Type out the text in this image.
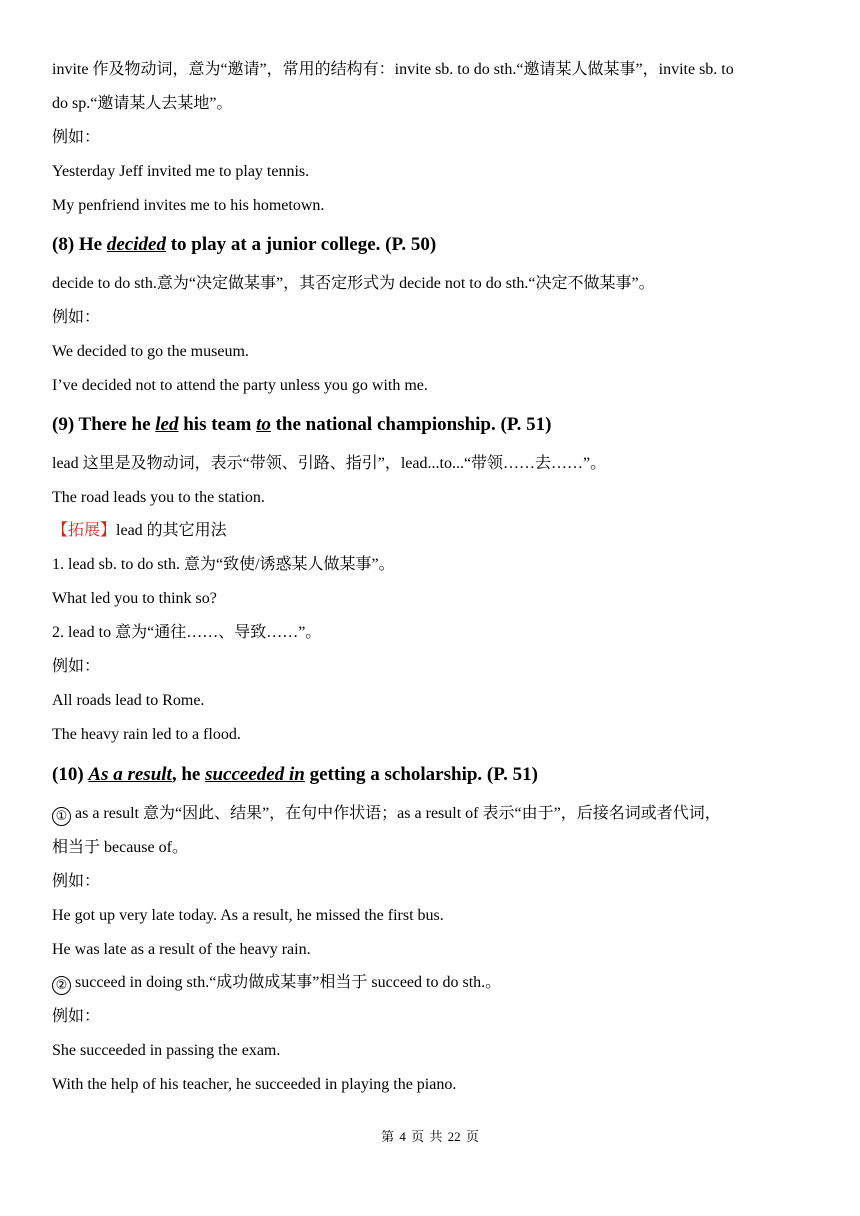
invite 作及物动词，意为“邀请”，常用的结构有：invite sb. to do sth.“邀请某人做某事”，invite sb. to
do sp.“邀请某人去某地”。
例如：
Yesterday Jeff invited me to play tennis.
My penfriend invites me to his hometown.
(8) He decided to play at a junior college. (P. 50)
decide to do sth.意为“决定做某事”，其否定形式为 decide not to do sth.“决定不做某事”。
例如：
We decided to go the museum.
I’ve decided not to attend the party unless you go with me.
(9) There he led his team to the national championship. (P. 51)
lead 这里是及物动词，表示“带领、引路、指引”，lead...to...“带领……去……”。
The road leads you to the station.
【拓展】lead 的其它用法
1. lead sb. to do sth. 意为“致使/诱惑某人做某事”。
What led you to think so?
2. lead to 意为“通往……、导致……”。
例如：
All roads lead to Rome.
The heavy rain led to a flood.
(10) As a result, he succeeded in getting a scholarship. (P. 51)
① as a result 意为“因此、结果”，在句中作状语；as a result of 表示“由于”，后接名词或者代词，
相当于 because of。
例如：
He got up very late today. As a result, he missed the first bus.
He was late as a result of the heavy rain.
② succeed in doing sth.“成功做成某事”相当于 succeed to do sth.。
例如：
She succeeded in passing the exam.
With the help of his teacher, he succeeded in playing the piano.
第 4 页 共 22 页
